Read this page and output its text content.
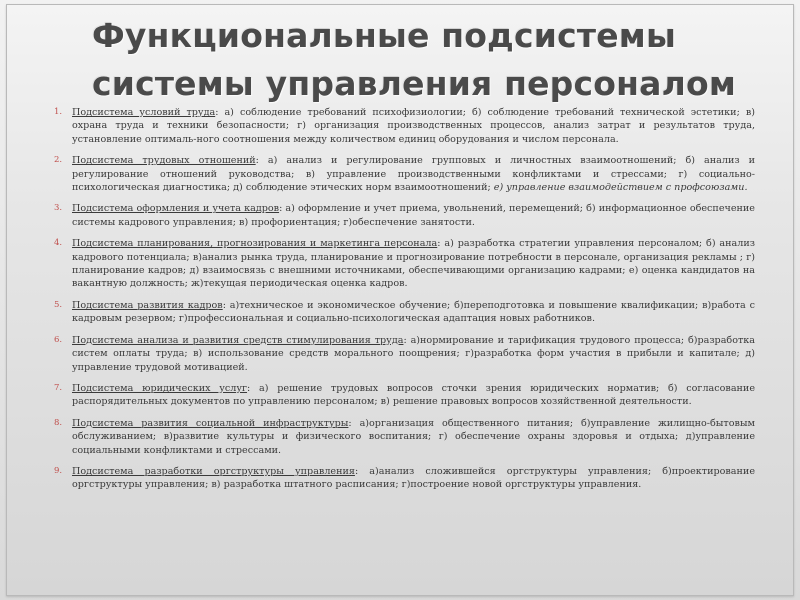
Функциональные подсистемы
системы управления персоналом
1. Подсистема условий труда: а) соблюдение требований психофизиологии; б) соблюдение требований технической эстетики; в) охрана труда и техники безопасности; г) организация производственных процессов, анализ затрат и результатов труда, установление оптималь-ного соотношения между количеством единиц оборудования и числом персонала.
2. Подсистема трудовых отношений: а) анализ и регулирование групповых и личностных взаимоотношений; б) анализ и регулирование отношений руководства; в) управление производственными конфликтами и стрессами; г) социально-психологическая диагностика; д) соблюдение этических норм взаимоотношений; е) управление взаимодействием с профсоюзами.
3. Подсистема оформления и учета кадров: а) оформление и учет приема, увольнений, перемещений; б) информационное обеспечение системы кадрового управления; в) профориентация; г)обеспечение занятости.
4. Подсистема планирования, прогнозирования и маркетинга персонала: а) разработка стратегии управления персоналом; б) анализ кадрового потенциала; в)анализ рынка труда, планирование и прогнозирование потребности в персонале, организация рекламы ; г) планирование кадров; д) взаимосвязь с внешними источниками, обеспечивающими организацию кадрами; е) оценка кандидатов на вакантную должность; ж)текущая периодическая оценка кадров.
5. Подсистема развития кадров: а)техническое и экономическое обучение; б)переподготовка и повышение квалификации; в)работа с кадровым резервом; г)профессиональная и социально-психологическая адаптация новых работников.
6. Подсистема анализа и развития средств стимулирования труда: а)нормирование и тарификация трудового процесса; б)разработка систем оплаты труда; в) использование средств морального поощрения; г)разработка форм участия в прибыли и капитале; д) управление трудовой мотивацией.
7. Подсистема юридических услуг: а) решение трудовых вопросов сточки зрения юридических норматив; б) согласование распорядительных документов по управлению персоналом; в) решение правовых вопросов хозяйственной деятельности.
8. Подсистема развития социальной инфраструктуры: а)организация общественного питания; б)управление жилищно-бытовым обслуживанием; в)развитие культуры и физического воспитания; г) обеспечение охраны здоровья и отдыха; д)управление социальными конфликтами и стрессами.
9. Подсистема разработки оргструктуры управления: а)анализ сложившейся оргструктуры управления; б)проектирование оргструктуры управления; в) разработка штатного расписания; г)построение новой оргструктуры управления.
